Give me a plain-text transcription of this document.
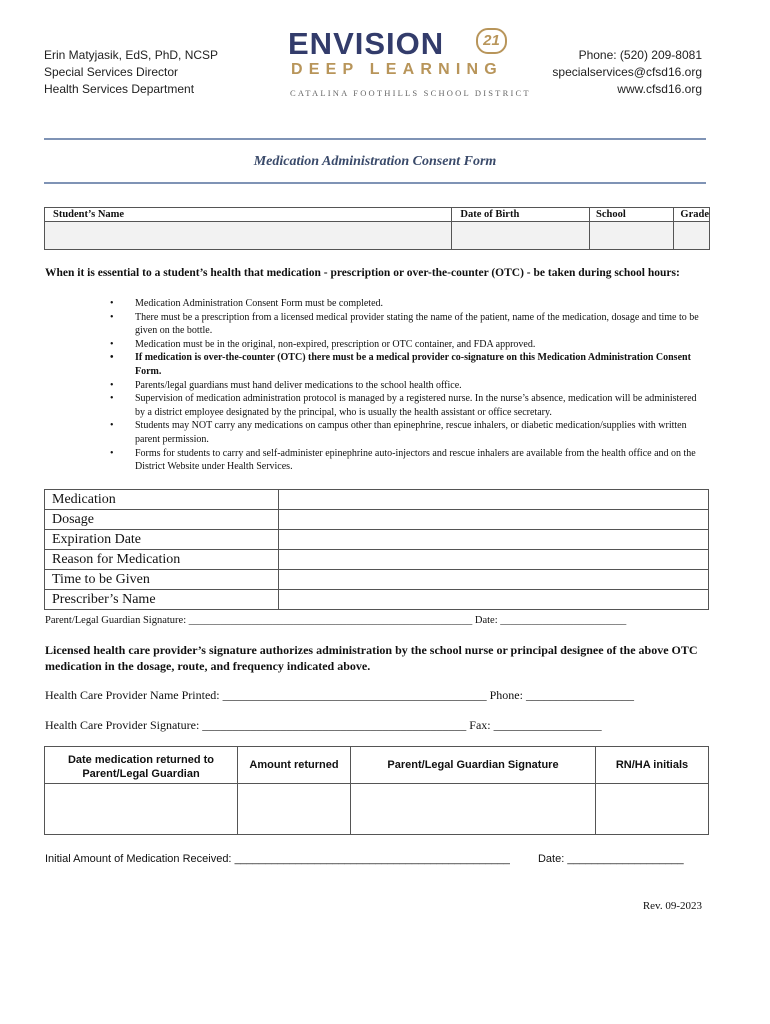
Erin Matyjasik, EdS, PhD, NCSP
Special Services Director
Health Services Department
ENVISION	21
DEEP LEARNING
CATALINA FOOTHILLS SCHOOL DISTRICT
Phone: (520) 209-8081
specialservices@cfsd16.org
www.cfsd16.org
Medication Administration Consent Form
Student’s Name	Date of Birth	School	Grade

When it is essential to a student’s health that medication - prescription or over-the-counter (OTC) - be taken during school hours:
• Medication Administration Consent Form must be completed.
• There must be a prescription from a licensed medical provider stating the name of the patient, name of the medication, dosage and time to be given on the bottle.
• Medication must be in the original, non-expired, prescription or OTC container, and FDA approved.
• If medication is over-the-counter (OTC) there must be a medical provider co-signature on this Medication Administration Consent Form.
• Parents/legal guardians must hand deliver medications to the school health office.
• Supervision of medication administration protocol is managed by a registered nurse. In the nurse’s absence, medication will be administered by a district employee designated by the principal, who is usually the health assistant or office secretary.
• Students may NOT carry any medications on campus other than epinephrine, rescue inhalers, or diabetic medication/supplies with written parent permission.
• Forms for students to carry and self-administer epinephrine auto-injectors and rescue inhalers are available from the health office and on the District Website under Health Services.
Medication	
Dosage	
Expiration Date	
Reason for Medication	
Time to be Given	
Prescriber’s Name	
Parent/Legal Guardian Signature: ______________________________________________________ Date: ________________________
Licensed health care provider’s signature authorizes administration by the school nurse or principal designee of the above OTC medication in the dosage, route, and frequency indicated above.
Health Care Provider Name Printed: ____________________________________________ Phone: __________________
Health Care Provider Signature: ____________________________________________ Fax: __________________
Date medication returned to Parent/Legal Guardian	Amount returned	Parent/Legal Guardian Signature	RN/HA initials

Initial Amount of Medication Received: _____________________________________________	Date: ___________________
Rev. 09-2023
